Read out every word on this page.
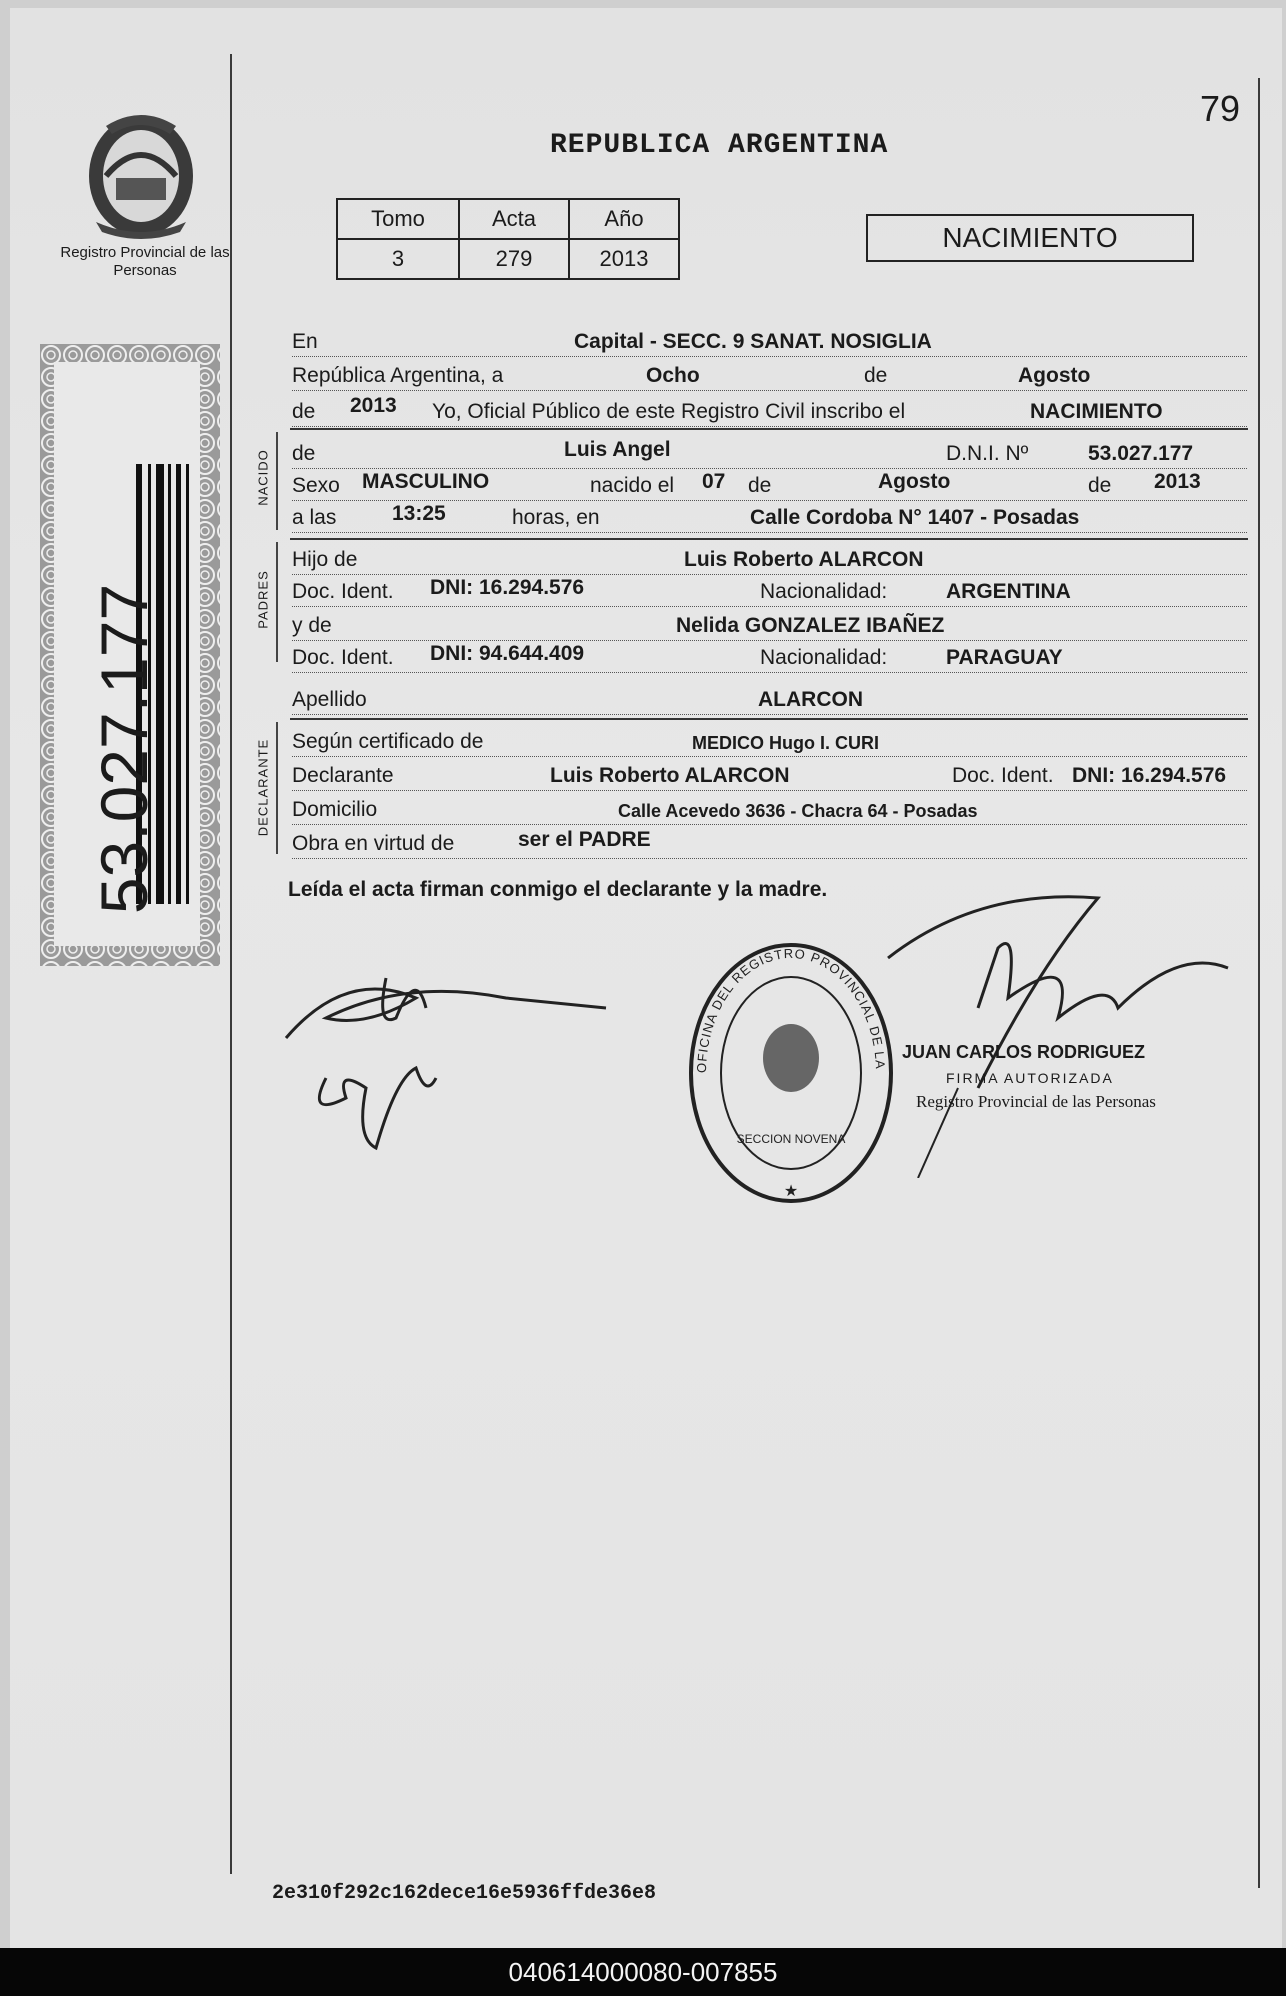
Registro Provincial de las Personas
53.027.177
79
REPUBLICA ARGENTINA
Tomo	Acta	Año
3	279	2013
NACIMIENTO
En	Capital - SECC. 9 SANAT. NOSIGLIA
República Argentina, a	Ocho	de	Agosto
de 2013 Yo, Oficial Público de este Registro Civil inscribo el	NACIMIENTO
NACIDO de	Luis Angel	D.N.I. Nº	53.027.177
Sexo MASCULINO	nacido el 07 de	Agosto	de 2013
a las	13:25	horas, en	Calle Cordoba N° 1407 - Posadas
PADRES
Hijo de	Luis Roberto ALARCON
Doc. Ident. DNI: 16.294.576	Nacionalidad:	ARGENTINA
y de	Nelida GONZALEZ IBAÑEZ
Doc. Ident. DNI: 94.644.409	Nacionalidad:	PARAGUAY
Apellido	ALARCON
DECLARANTE Según certificado de	MEDICO Hugo I. CURI
Declarante	Luis Roberto ALARCON	Doc. Ident. DNI: 16.294.576
Domicilio	Calle Acevedo 3636 - Chacra 64 - Posadas
Obra en virtud de	ser el PADRE
Leída el acta firman conmigo el declarante y la madre.
OFICINA DEL REGISTRO PROVINCIAL DE LA
SECCION NOVENA
★
JUAN CARLOS RODRIGUEZ
FIRMA AUTORIZADA
Registro Provincial de las Personas
2e310f292c162dece16e5936ffde36e8
040614000080-007855
